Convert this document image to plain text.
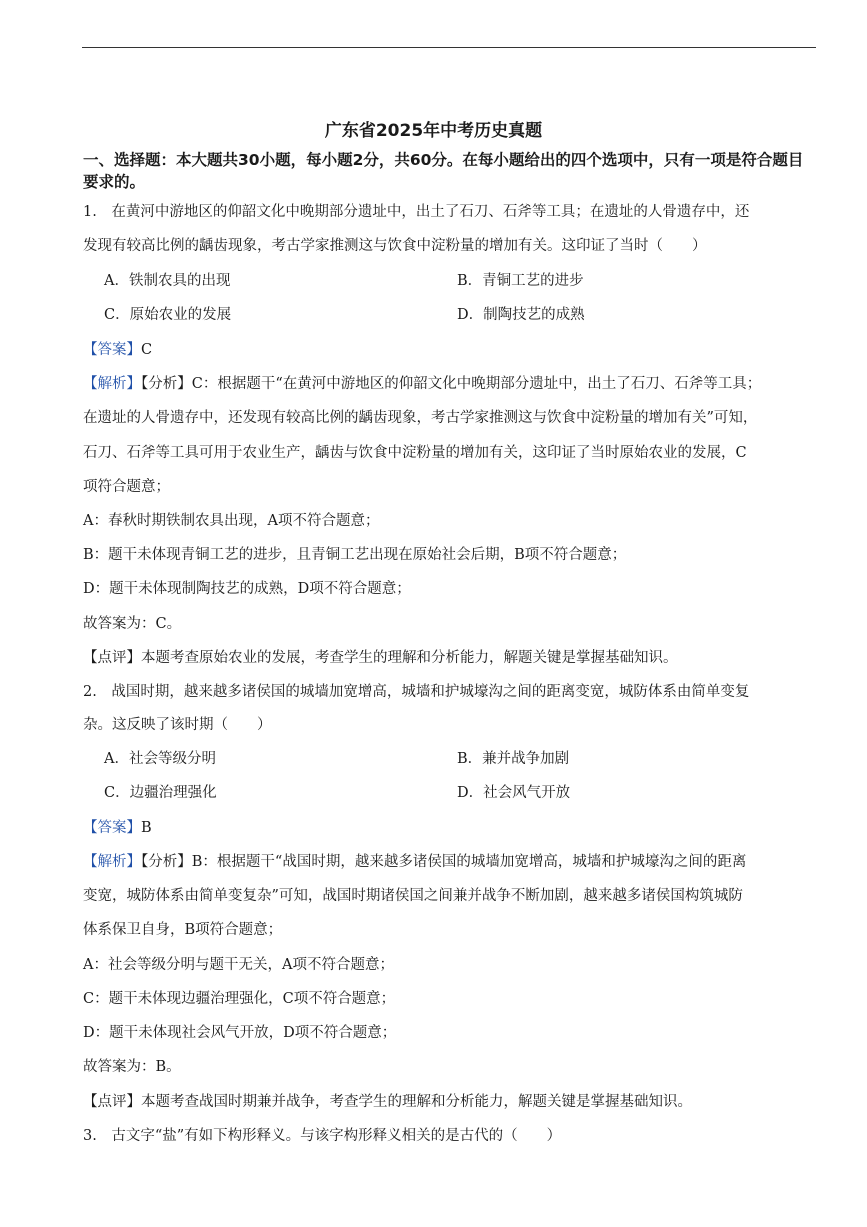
广东省2025年中考历史真题
一、选择题：本大题共30小题，每小题2分，共60分。在每小题给出的四个选项中，只有一项是符合题目要求的。
1.　在黄河中游地区的仰韶文化中晚期部分遗址中，出土了石刀、石斧等工具；在遗址的人骨遗存中，还
发现有较高比例的龋齿现象，考古学家推测这与饮食中淀粉量的增加有关。这印证了当时（　　）
A．铁制农具的出现	B．青铜工艺的进步
C．原始农业的发展	D．制陶技艺的成熟
【答案】C
【解析】【分析】C：根据题干“在黄河中游地区的仰韶文化中晚期部分遗址中，出土了石刀、石斧等工具；
在遗址的人骨遗存中，还发现有较高比例的龋齿现象，考古学家推测这与饮食中淀粉量的增加有关”可知，
石刀、石斧等工具可用于农业生产，龋齿与饮食中淀粉量的增加有关，这印证了当时原始农业的发展，C
项符合题意；
A：春秋时期铁制农具出现，A项不符合题意；
B：题干未体现青铜工艺的进步，且青铜工艺出现在原始社会后期，B项不符合题意；
D：题干未体现制陶技艺的成熟，D项不符合题意；
故答案为：C。
【点评】本题考查原始农业的发展，考查学生的理解和分析能力，解题关键是掌握基础知识。
2.　战国时期，越来越多诸侯国的城墙加宽增高，城墙和护城壕沟之间的距离变宽，城防体系由简单变复
杂。这反映了该时期（　　）
A．社会等级分明	B．兼并战争加剧
C．边疆治理强化	D．社会风气开放
【答案】B
【解析】【分析】B：根据题干“战国时期，越来越多诸侯国的城墙加宽增高，城墙和护城壕沟之间的距离
变宽，城防体系由简单变复杂”可知，战国时期诸侯国之间兼并战争不断加剧，越来越多诸侯国构筑城防
体系保卫自身，B项符合题意；
A：社会等级分明与题干无关，A项不符合题意；
C：题干未体现边疆治理强化，C项不符合题意；
D：题干未体现社会风气开放，D项不符合题意；
故答案为：B。
【点评】本题考查战国时期兼并战争，考查学生的理解和分析能力，解题关键是掌握基础知识。
3.　古文字“盐”有如下构形释义。与该字构形释义相关的是古代的（　　）
